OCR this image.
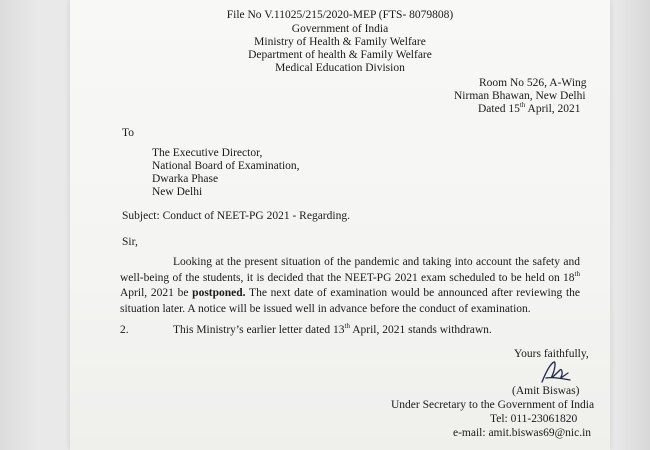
File No V.11025/215/2020-MEP (FTS- 8079808)
Government of India
Ministry of Health & Family Welfare
Department of health & Family Welfare
Medical Education Division
Room No 526, A-Wing
Nirman Bhawan, New Delhi
Dated 15th April, 2021
To
The Executive Director,
National Board of Examination,
Dwarka Phase
New Delhi
Subject: Conduct of NEET-PG 2021 - Regarding.
Sir,
Looking at the present situation of the pandemic and taking into account the safety and well-being of the students, it is decided that the NEET-PG 2021 exam scheduled to be held on 18th April, 2021 be postponed. The next date of examination would be announced after reviewing the situation later. A notice will be issued well in advance before the conduct of examination.
2.	This Ministry’s earlier letter dated 13th April, 2021 stands withdrawn.
Yours faithfully,
(Amit Biswas)
Under Secretary to the Government of India
Tel: 011-23061820
e-mail: amit.biswas69@nic.in
